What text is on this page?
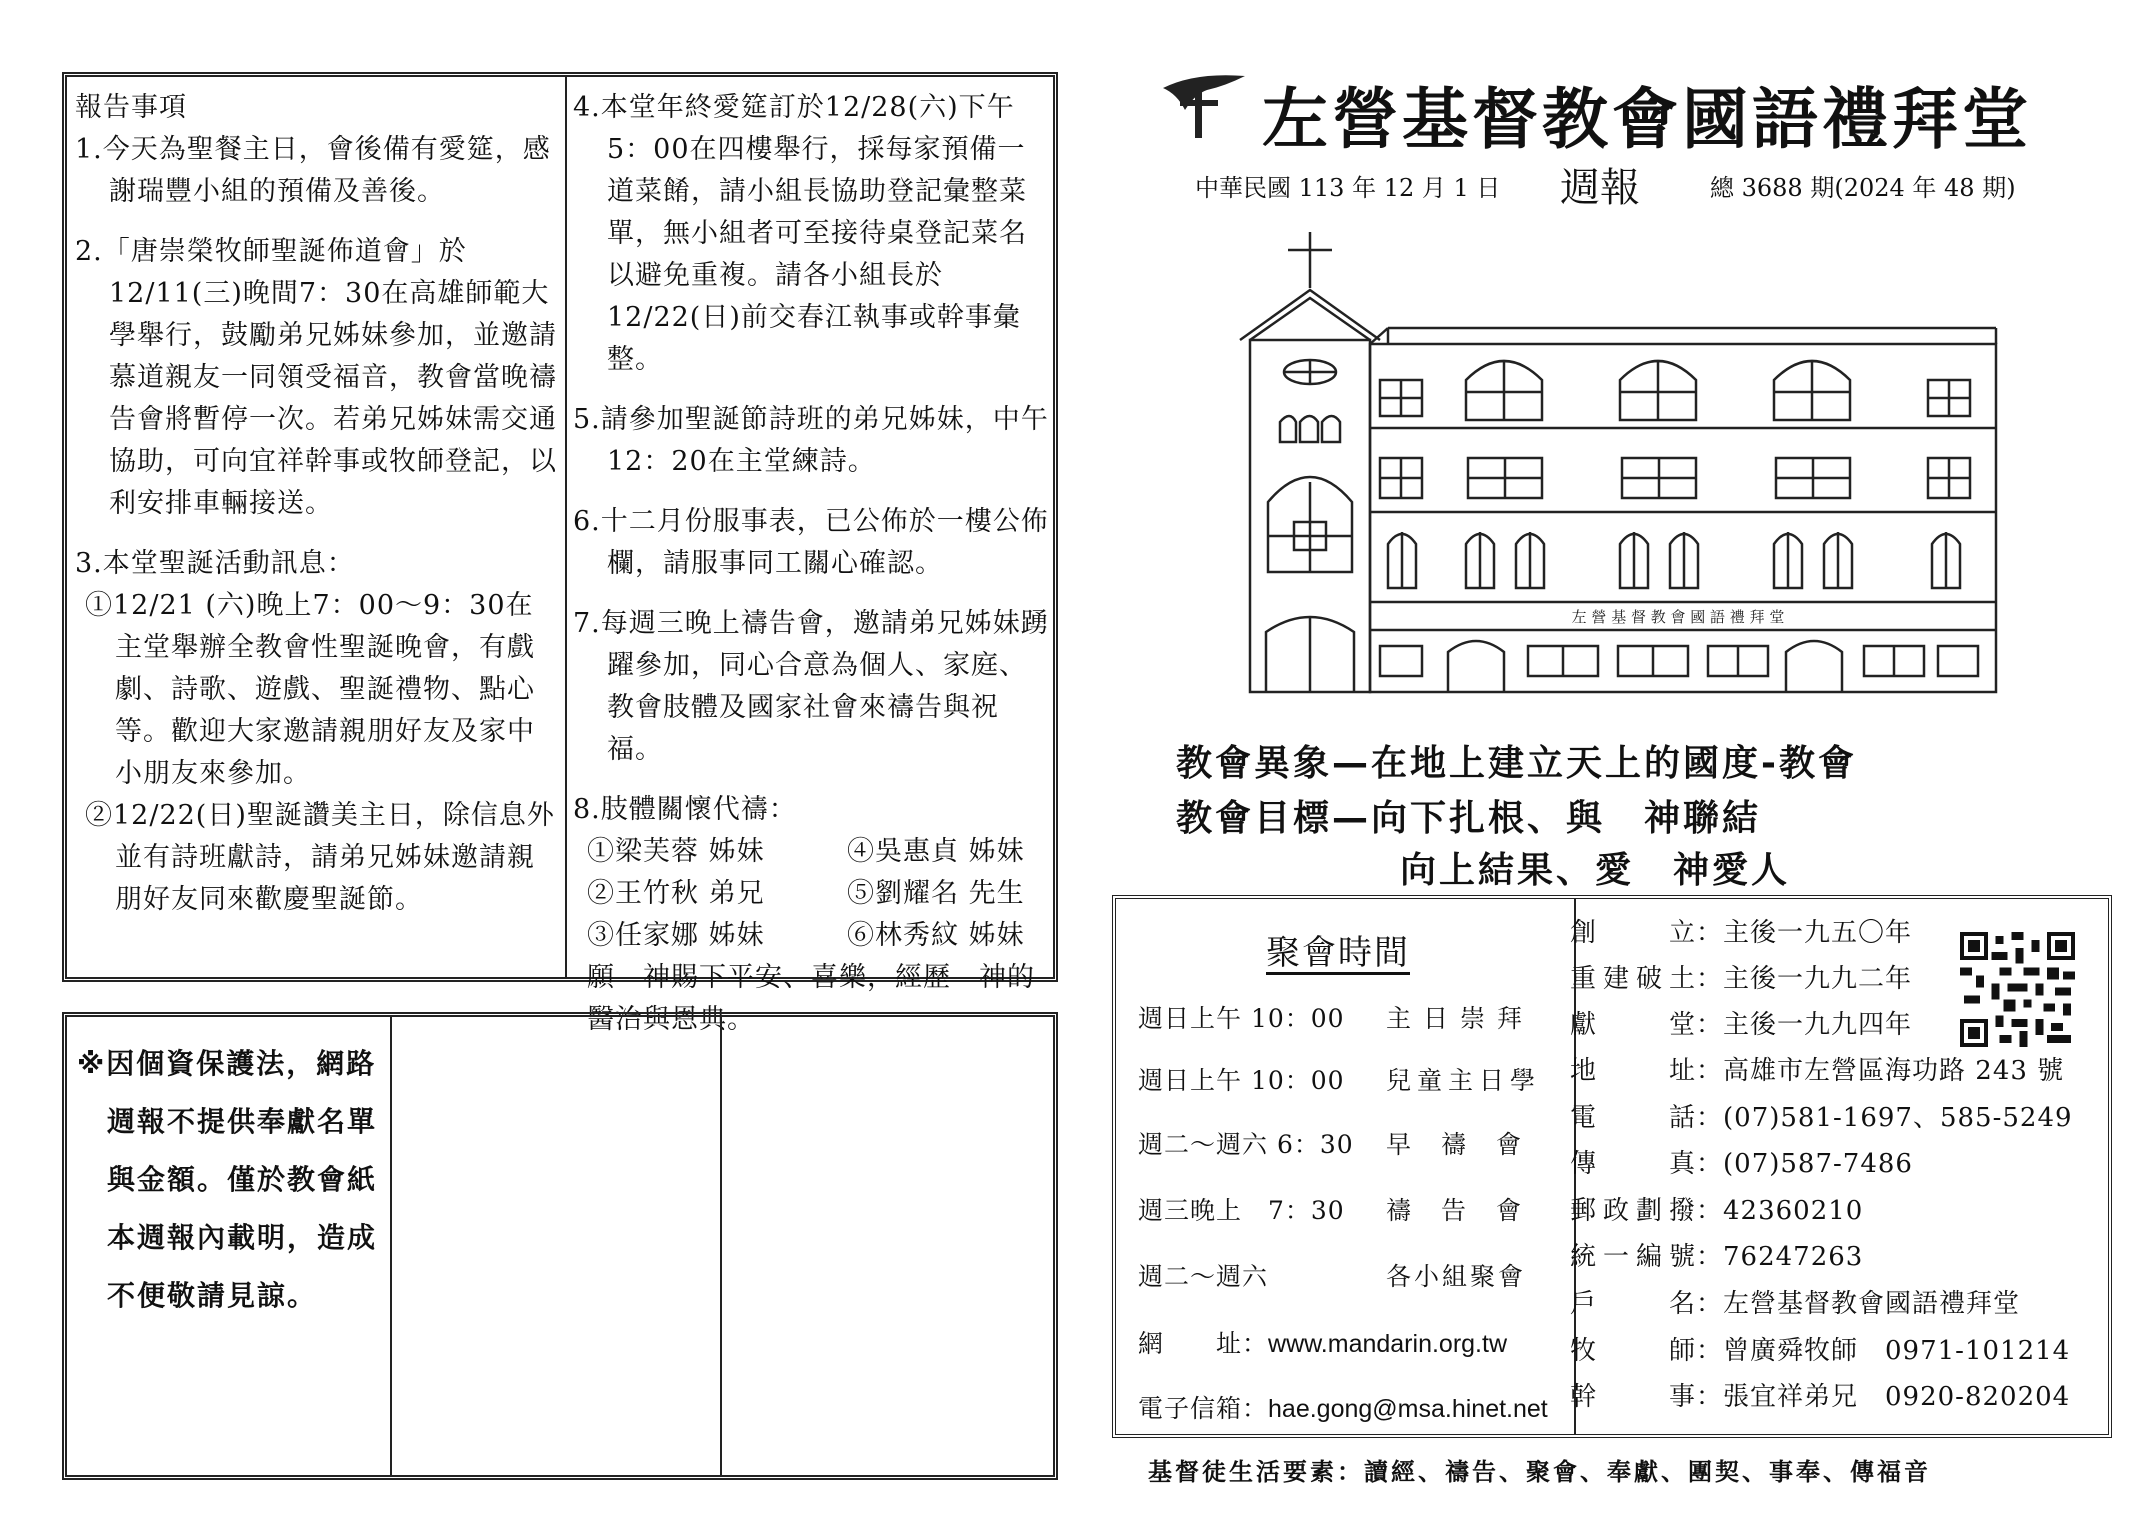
報告事項
1.今天為聖餐主日，會後備有愛筵，感謝瑞豐小組的預備及善後。
2.「唐崇榮牧師聖誕佈道會」於12/11(三)晚間7：30在高雄師範大學舉行，鼓勵弟兄姊妹參加，並邀請慕道親友一同領受福音，教會當晚禱告會將暫停一次。若弟兄姊妹需交通協助，可向宜祥幹事或牧師登記，以利安排車輛接送。
3.本堂聖誕活動訊息：
①12/21 (六)晚上7：00～9：30在主堂舉辦全教會性聖誕晚會，有戲劇、詩歌、遊戲、聖誕禮物、點心等。歡迎大家邀請親朋好友及家中小朋友來參加。
②12/22(日)聖誕讚美主日，除信息外並有詩班獻詩，請弟兄姊妹邀請親朋好友同來歡慶聖誕節。
4.本堂年終愛筵訂於12/28(六)下午5：00在四樓舉行，採每家預備一道菜餚，請小組長協助登記彙整菜單，無小組者可至接待桌登記菜名以避免重複。請各小組長於12/22(日)前交春江執事或幹事彙整。
5.請參加聖誕節詩班的弟兄姊妹，中午12：20在主堂練詩。
6.十二月份服事表，已公佈於一樓公佈欄，請服事同工關心確認。
7.每週三晚上禱告會，邀請弟兄姊妹踴躍參加，同心合意為個人、家庭、教會肢體及國家社會來禱告與祝福。
8.肢體關懷代禱：
①梁芙蓉 姊妹	④吳惠貞 姊妹
②王竹秋 弟兄	⑤劉耀名 先生
③任家娜 姊妹	⑥林秀紋 姊妹
願　神賜下平安、喜樂，經歷　神的醫治與恩典。
※因個資保護法，網路
週報不提供奉獻名單
與金額。僅於教會紙
本週報內載明，造成
不便敬請見諒。
左營基督教會國語禮拜堂
中華民國 113 年 12 月 1 日 週報	總 3688 期(2024 年 48 期)
左 營 基 督 教 會 國 語 禮 拜 堂
教會異象—在地上建立天上的國度-教會
教會目標—向下扎根、與　神聯結
向上結果、愛　神愛人
聚會時間
週日上午 10：00 主日崇拜
週日上午 10：00 兒童主日學
週二～週六 6：30 早禱會
週三晚上　7：30 禱告會
週二～週六	各小組聚會
網　　址：www.mandarin.org.tw
電子信箱：hae.gong@msa.hinet.net
創立：主後一九五〇年
重建破土：主後一九九二年
獻堂：主後一九九四年
地址：高雄市左營區海功路 243 號
電話：(07)581-1697、585-5249
傳真：(07)587-7486
郵政劃撥：42360210
統一編號：76247263
戶名：左營基督教會國語禮拜堂
牧師：曾廣舜牧師　0971-101214
幹事：張宜祥弟兄　0920-820204
基督徒生活要素：讀經、禱告、聚會、奉獻、團契、事奉、傳福音
